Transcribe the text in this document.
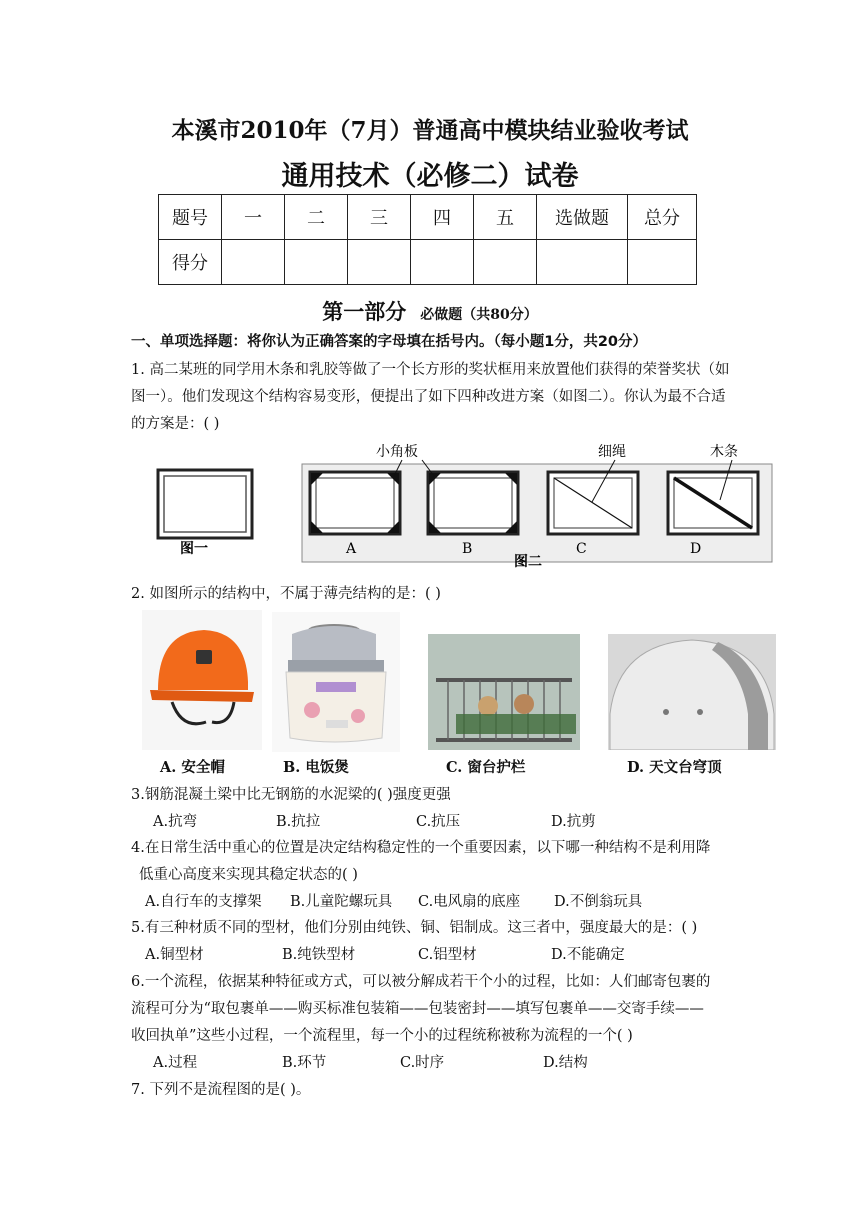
本溪市2010年（7月）普通高中模块结业验收考试
通用技术（必修二）试卷
题号	一	二	三	四	五	选做题	总分
得分							
第一部分 必做题（共80分）
一、单项选择题：将你认为正确答案的字母填在括号内。（每小题1分，共20分）
1. 高二某班的同学用木条和乳胶等做了一个长方形的奖状框用来放置他们获得的荣誉奖状（如图一）。他们发现这个结构容易变形，便提出了如下四种改进方案（如图二）。你认为最不合适的方案是：( )
图一
小角板	细绳	木条
A	B	C	D
图二
2. 如图所示的结构中，不属于薄壳结构的是：( )
A. 安全帽	B. 电饭煲	C. 窗台护栏	D. 天文台穹顶
3.钢筋混凝土梁中比无钢筋的水泥梁的( )强度更强
A.抗弯	B.抗拉	C.抗压	D.抗剪
4.在日常生活中重心的位置是决定结构稳定性的一个重要因素，以下哪一种结构不是利用降
低重心高度来实现其稳定状态的( )
A.自行车的支撑架 B.儿童陀螺玩具 C.电风扇的底座 D.不倒翁玩具
5.有三种材质不同的型材，他们分别由纯铁、铜、铝制成。这三者中，强度最大的是：( )
A.铜型材	B.纯铁型材	C.铝型材	D.不能确定
6.一个流程，依据某种特征或方式，可以被分解成若干个小的过程，比如：人们邮寄包裹的
流程可分为“取包裹单——购买标准包装箱——包装密封——填写包裹单——交寄手续——
收回执单”这些小过程，一个流程里，每一个小的过程统称被称为流程的一个( )
A.过程	B.环节	C.时序	D.结构
7. 下列不是流程图的是( )。
